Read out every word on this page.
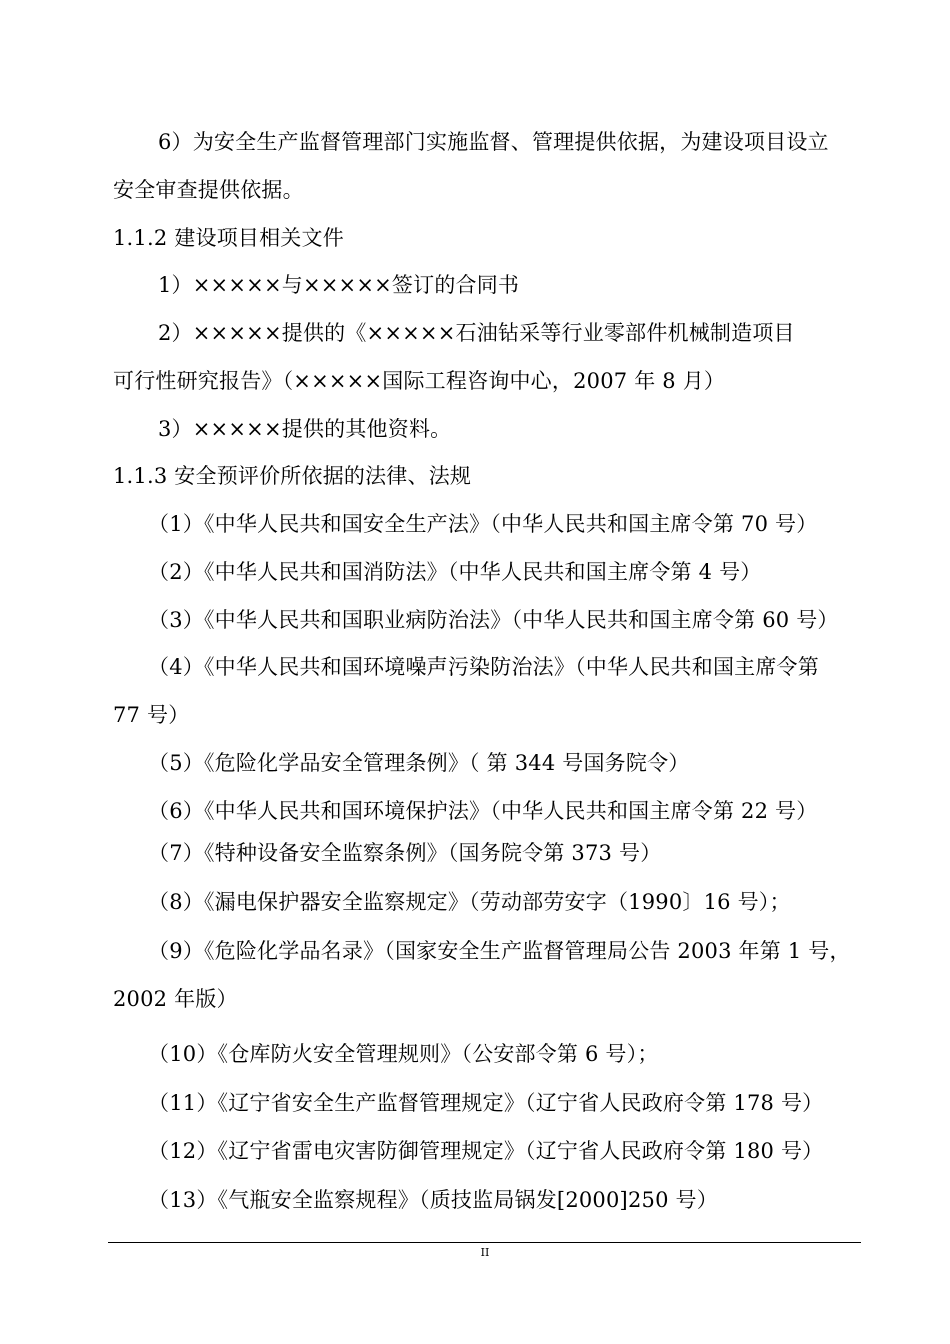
6）为安全生产监督管理部门实施监督、管理提供依据，为建设项目设立
安全审查提供依据。
1.1.2 建设项目相关文件
1）×××××与×××××签订的合同书
2）×××××提供的《×××××石油钻采等行业零部件机械制造项目
可行性研究报告》（×××××国际工程咨询中心，2007 年 8 月）
3）×××××提供的其他资料。
1.1.3 安全预评价所依据的法律、法规
（1）《中华人民共和国安全生产法》（中华人民共和国主席令第 70 号）
（2）《中华人民共和国消防法》（中华人民共和国主席令第 4 号）
（3）《中华人民共和国职业病防治法》（中华人民共和国主席令第 60 号）
（4）《中华人民共和国环境噪声污染防治法》（中华人民共和国主席令第
77 号）
（5）《危险化学品安全管理条例》（ 第 344 号国务院令）
（6）《中华人民共和国环境保护法》（中华人民共和国主席令第 22 号）
（7）《特种设备安全监察条例》（国务院令第 373 号）
（8）《漏电保护器安全监察规定》（劳动部劳安字（1990〕16 号）；
（9）《危险化学品名录》（国家安全生产监督管理局公告 2003 年第 1 号，
2002 年版）
（10）《仓库防火安全管理规则》（公安部令第 6 号）；
（11）《辽宁省安全生产监督管理规定》（辽宁省人民政府令第 178 号）
（12）《辽宁省雷电灾害防御管理规定》（辽宁省人民政府令第 180 号）
（13）《气瓶安全监察规程》（质技监局锅发[2000]250 号）
II
